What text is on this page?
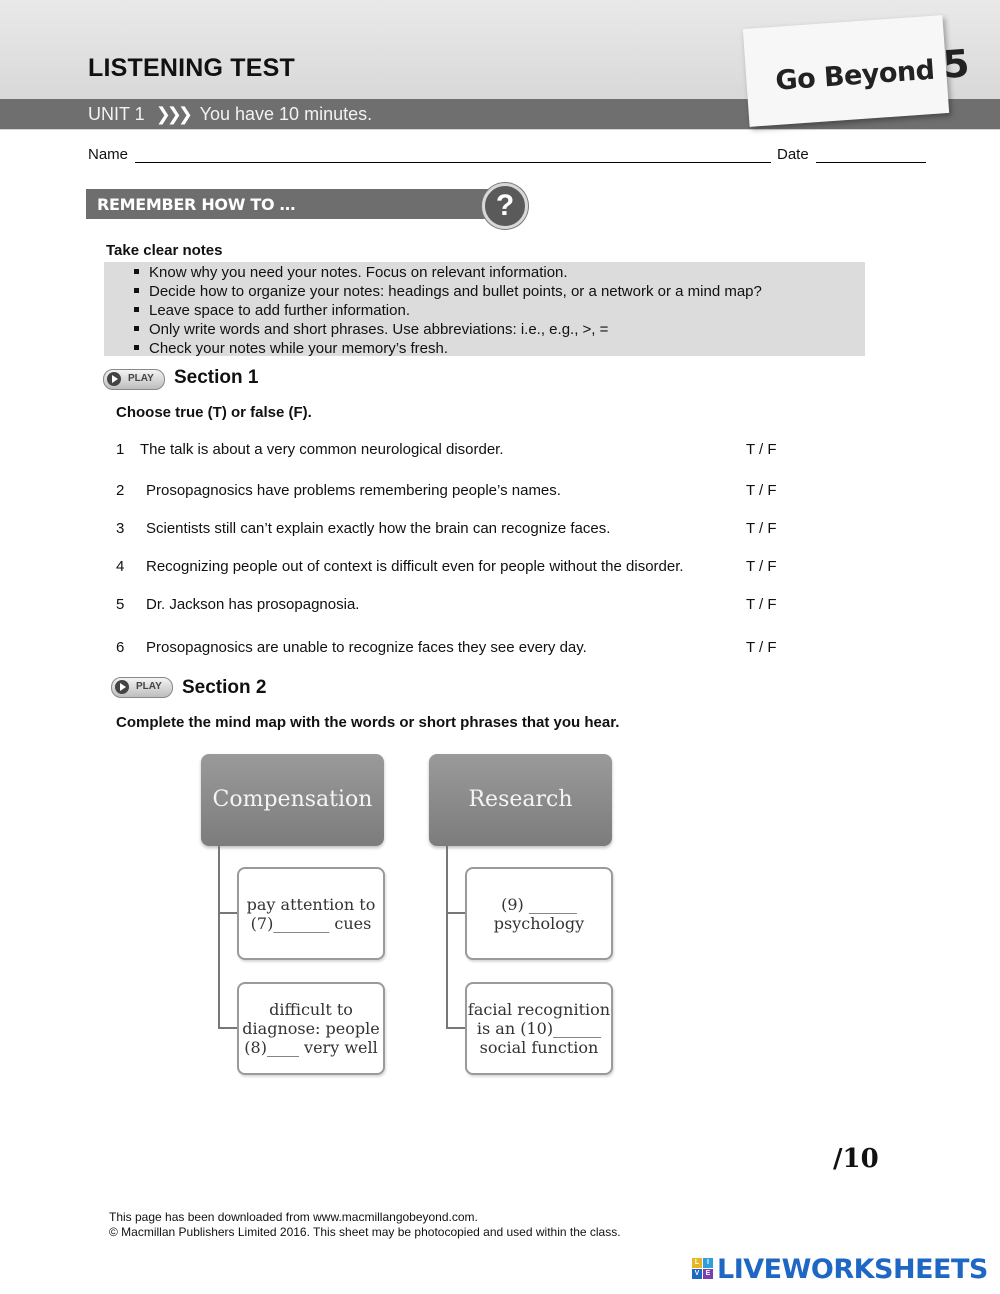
LISTENING TEST
UNIT 1 ❯❯❯ You have 10 minutes.
Go Beyond 5
Name	Date
REMEMBER HOW TO …	?
Take clear notes
Know why you need your notes. Focus on relevant information.
Decide how to organize your notes: headings and bullet points, or a network or a mind map?
Leave space to add further information.
Only write words and short phrases. Use abbreviations: i.e., e.g., >, =
Check your notes while your memory’s fresh.
PLAY Section 1
Choose true (T) or false (F).
1 The talk is about a very common neurological disorder.	T / F
2 Prosopagnosics have problems remembering people’s names.	T / F
3 Scientists still can’t explain exactly how the brain can recognize faces.	T / F
4 Recognizing people out of context is difficult even for people without the disorder.	T / F
5 Dr. Jackson has prosopagnosia.	T / F
6 Prosopagnosics are unable to recognize faces they see every day.	T / F
PLAY Section 2
Complete the mind map with the words or short phrases that you hear.
Compensation
pay attention to
(7)_______ cues
difficult to
diagnose: people
(8)____ very well
Research
(9) ______
psychology
facial recognition
is an (10)______
social function
/10
This page has been downloaded from www.macmillangobeyond.com.
© Macmillan Publishers Limited 2016. This sheet may be photocopied and used within the class.
L	I
V E LIVEWORKSHEETS
